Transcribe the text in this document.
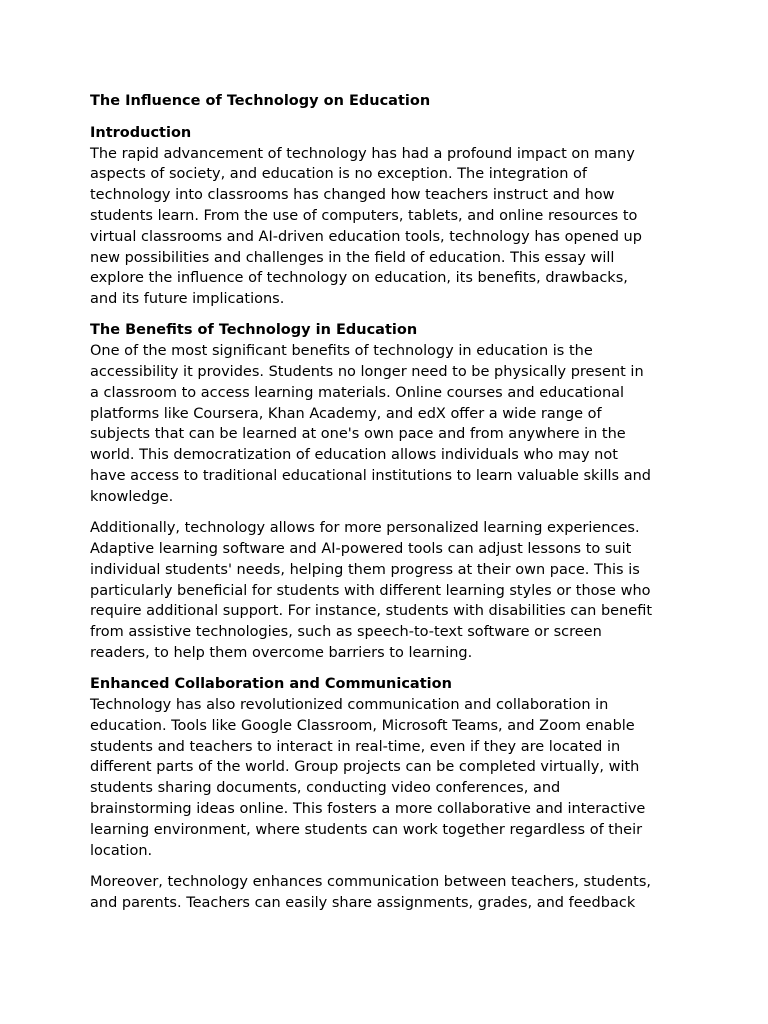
The Influence of Technology on Education
Introduction
The rapid advancement of technology has had a profound impact on many
aspects of society, and education is no exception. The integration of
technology into classrooms has changed how teachers instruct and how
students learn. From the use of computers, tablets, and online resources to
virtual classrooms and AI-driven education tools, technology has opened up
new possibilities and challenges in the field of education. This essay will
explore the influence of technology on education, its benefits, drawbacks,
and its future implications.
The Benefits of Technology in Education
One of the most significant benefits of technology in education is the
accessibility it provides. Students no longer need to be physically present in
a classroom to access learning materials. Online courses and educational
platforms like Coursera, Khan Academy, and edX offer a wide range of
subjects that can be learned at one's own pace and from anywhere in the
world. This democratization of education allows individuals who may not
have access to traditional educational institutions to learn valuable skills and
knowledge.
Additionally, technology allows for more personalized learning experiences.
Adaptive learning software and AI-powered tools can adjust lessons to suit
individual students' needs, helping them progress at their own pace. This is
particularly beneficial for students with different learning styles or those who
require additional support. For instance, students with disabilities can benefit
from assistive technologies, such as speech-to-text software or screen
readers, to help them overcome barriers to learning.
Enhanced Collaboration and Communication
Technology has also revolutionized communication and collaboration in
education. Tools like Google Classroom, Microsoft Teams, and Zoom enable
students and teachers to interact in real-time, even if they are located in
different parts of the world. Group projects can be completed virtually, with
students sharing documents, conducting video conferences, and
brainstorming ideas online. This fosters a more collaborative and interactive
learning environment, where students can work together regardless of their
location.
Moreover, technology enhances communication between teachers, students,
and parents. Teachers can easily share assignments, grades, and feedback
